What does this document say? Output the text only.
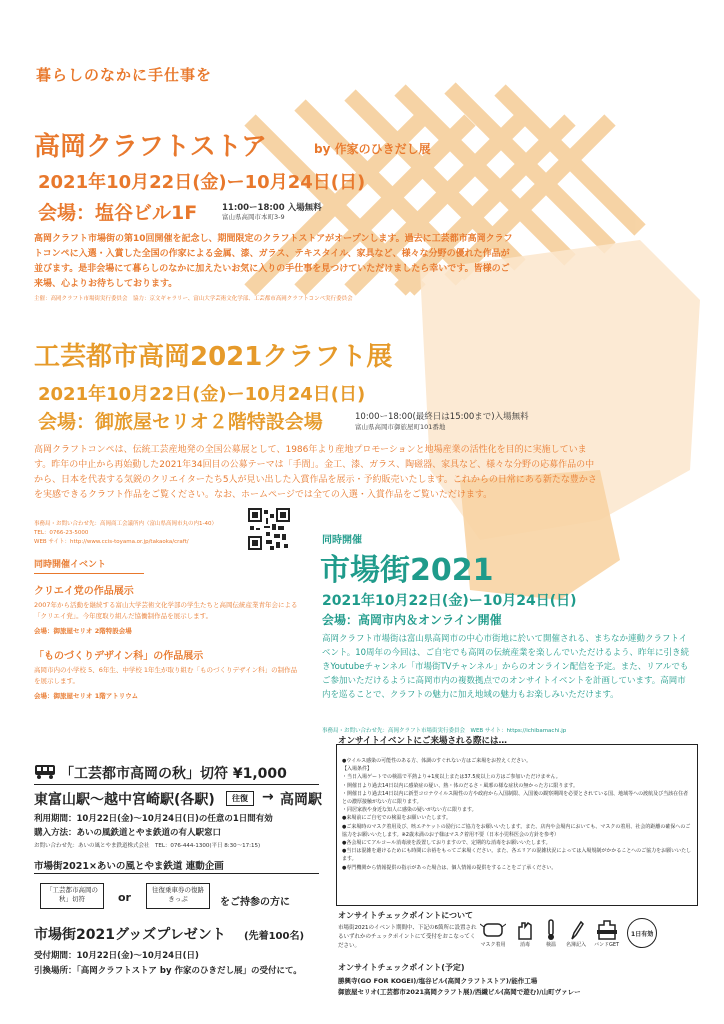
暮らしのなかに手仕事を
高岡クラフトストア	by 作家のひきだし展
2021年10月22日(金)ー10月24日(日)
会場：塩谷ビル1F	11:00ー18:00 入場無料
富山県高岡市本町3-9
高岡クラフト市場街の第10回開催を記念し、期間限定のクラフトストアがオープンします。過去に工芸都市高岡クラフトコンペに入選・入賞した全国の作家による金属、漆、ガラス、テキスタイル、家具など、様々な分野の優れた作品が並びます。是非会場にて暮らしのなかに加えたいお気に入りの手仕事を見つけていただけましたら幸いです。皆様のご来場、心よりお待ちしております。
主催：高岡クラフト市場街実行委員会　協力：京文ギャラリー、富山大学芸術文化学部、工芸都市高岡クラフトコンペ実行委員会
工芸都市高岡2021クラフト展
2021年10月22日(金)ー10月24日(日)
会場：御旅屋セリオ２階特設会場	10:00ー18:00(最終日は15:00まで)入場無料
富山県高岡市御旅屋町101番地
高岡クラフトコンペは、伝統工芸産地発の全国公募展として、1986年より産地プロモーションと地場産業の活性化を目的に実施しています。昨年の中止から再始動した2021年34回目の公募テーマは「手間」。金工、漆、ガラス、陶磁器、家具など、様々な分野の応募作品の中から、日本を代表する気鋭のクリエイターたち5人が見い出した入賞作品を展示・予約販売いたします。これからの日常にある新たな豊かさを実感できるクラフト作品をご覧ください。なお、ホームページでは全ての入選・入賞作品をご覧いただけます。
事務局・お問い合わせ先：高岡商工会議所内（富山県高岡市丸の内1-40）
TEL：0766-23-5000
WEB サイト：http://www.ccis-toyama.or.jp/takaoka/craft/
同時開催イベント
クリエイ党の作品展示
2007年から活動を継続する富山大学芸術文化学部の学生たちと高岡伝統産業青年会による「クリエイ党」。今年度取り組んだ協働制作品を展示します。
会場：御旅屋セリオ 2階特設会場
「ものづくりデザイン科」の作品展示
高岡市内の小学校 5、6年生、中学校 1年生が取り組む「ものづくりデザイン科」の制作品を展示します。
会場：御旅屋セリオ 1階アトリウム
同時開催
市場街2021
2021年10月22日(金)ー10月24日(日)
会場：高岡市内＆オンライン開催
高岡クラフト市場街は富山県高岡市の中心市街地に於いて開催される、まちなか連動クラフトイベント。10周年の今回は、ご自宅でも高岡の伝統産業を楽しんでいただけるよう、昨年に引き続きYoutubeチャンネル「市場街TVチャンネル」からのオンライン配信を予定。また、リアルでもご参加いただけるように高岡市内の複数拠点でのオンサイトイベントを計画しています。高岡市内を巡ることで、クラフトの魅力に加え地域の魅力もお楽しみいただけます。
事務局・お問い合わせ先：高岡クラフト市場街実行委員会　WEB サイト：https://ichibamachi.jp
「工芸都市高岡の秋」切符 ¥1,000
東富山駅〜越中宮崎駅(各駅)	往復	→ 高岡駅
利用期間：10月22日(金)〜10月24日(日)の任意の1日間有効
購入方法：あいの風鉄道とやま鉄道の有人駅窓口
お問い合わせ先：あいの風とやま鉄道株式会社　TEL：076-444-1300(平日 8:30〜17:15)
市場街2021×あいの風とやま鉄道 連動企画
「工芸都市高岡の秋」切符	or
往復乗車券の復路きっぷ	をご持参の方に
市場街2021グッズプレゼント (先着100名)
受付期間：10月22日(金)〜10月24日(日)
引換場所：「高岡クラフトストア by 作家のひきだし展」の受付にて。
オンサイトイベントにご来場される際には…
●ウイルス感染の可能性のある方、体調のすぐれない方はご来場をお控えください。
【入場条件】
・当日入場ゲートでの検温で平熱より+1度以上または37.5度以上の方はご参加いただけません。
・開催日より過去14日以内に感染症の疑い、熱・体のだるさ・風邪の様な症状の無かった方に限ります。
・開催日より過去14日以内に新型コロナウイルス陽性の方や政府から入国制限、入国後の観察期間を必要とされている国、地域等への渡航及び当該在住者との濃厚接触がない方に限ります。
・同居家族や身近な知人に感染の疑いがない方に限ります。
●来場前にご自宅での検温をお願いいたします。
●ご来場時のマスク着用及び、咳エチケットの励行にご協力をお願いいたします。また、店内や会場内においても、マスクの着用、社会的距離の確保へのご協力をお願いいたします。※2歳未満のお子様はマスク着用不要（日本小児科医会の方針を参考）
●各会場にてアルコール消毒液を設置しておりますので、定期的な消毒をお願いいたします。
●当日は混雑を避けるためにも時間に余裕をもってご来場ください。また、各エリアの混雑状況によっては入場規制がかかることへのご協力をお願いいたします。
●専門機関から情報提供の指示があった場合は、個人情報の提供をすることをご了承ください。
オンサイトチェックポイントについて
市場街2021のイベント期間中、下記の6箇所に設置されるいずれかのチェックポイントにて受付をおこなってください。	マスク着用	消毒	検温 名簿記入 バンドGET
1日有効
オンサイトチェックポイント(予定)
勝興寺(GO FOR KOGEI)/塩谷ビル(高岡クラフトストア)/能作工場
御旅屋セリオ(工芸都市2021高岡クラフト展)/西繊ビル(高岡で遊む)/山町ヴァレー
